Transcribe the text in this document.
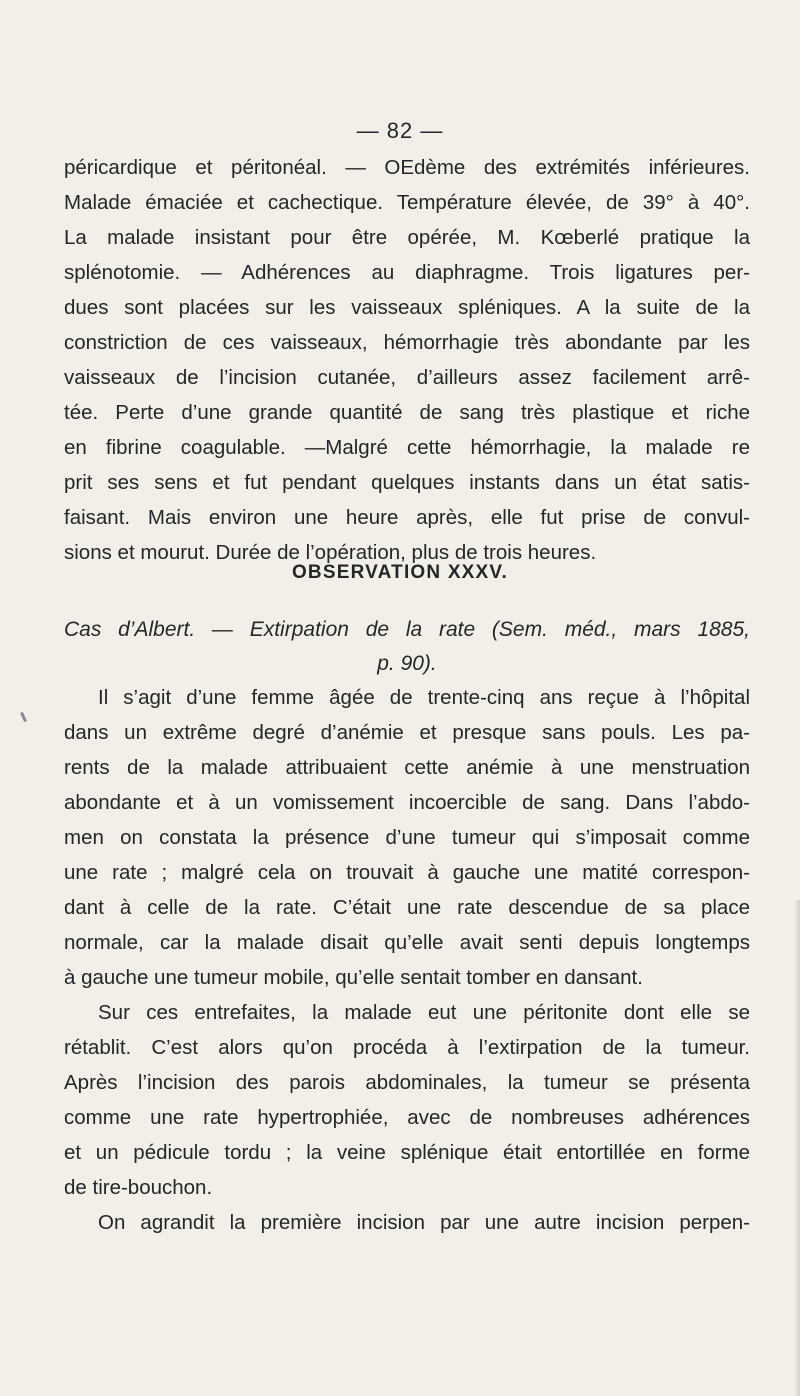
— 82 —
péricardique et péritonéal. — OEdème des extrémités inférieures.
Malade émaciée et cachectique. Température élevée, de 39° à 40°.
La malade insistant pour être opérée, M. Kœberlé pratique la
splénotomie. — Adhérences au diaphragme. Trois ligatures per-
dues sont placées sur les vaisseaux spléniques. A la suite de la
constriction de ces vaisseaux, hémorrhagie très abondante par les
vaisseaux de l’incision cutanée, d’ailleurs assez facilement arrê-
tée. Perte d’une grande quantité de sang très plastique et riche
en fibrine coagulable. —Malgré cette hémorrhagie, la malade re
prit ses sens et fut pendant quelques instants dans un état satis-
faisant. Mais environ une heure après, elle fut prise de convul-
sions et mourut. Durée de l’opération, plus de trois heures.
OBSERVATION XXXV.
Cas d’Albert. — Extirpation de la rate (Sem. méd., mars 1885,
p. 90).
Il s’agit d’une femme âgée de trente-cinq ans reçue à l’hôpital
dans un extrême degré d’anémie et presque sans pouls. Les pa-
rents de la malade attribuaient cette anémie à une menstruation
abondante et à un vomissement incoercible de sang. Dans l’abdo-
men on constata la présence d’une tumeur qui s’imposait comme
une rate ; malgré cela on trouvait à gauche une matité correspon-
dant à celle de la rate. C’était une rate descendue de sa place
normale, car la malade disait qu’elle avait senti depuis longtemps
à gauche une tumeur mobile, qu’elle sentait tomber en dansant.
Sur ces entrefaites, la malade eut une péritonite dont elle se
rétablit. C’est alors qu’on procéda à l’extirpation de la tumeur.
Après l’incision des parois abdominales, la tumeur se présenta
comme une rate hypertrophiée, avec de nombreuses adhérences
et un pédicule tordu ; la veine splénique était entortillée en forme
de tire-bouchon.
On agrandit la première incision par une autre incision perpen-
